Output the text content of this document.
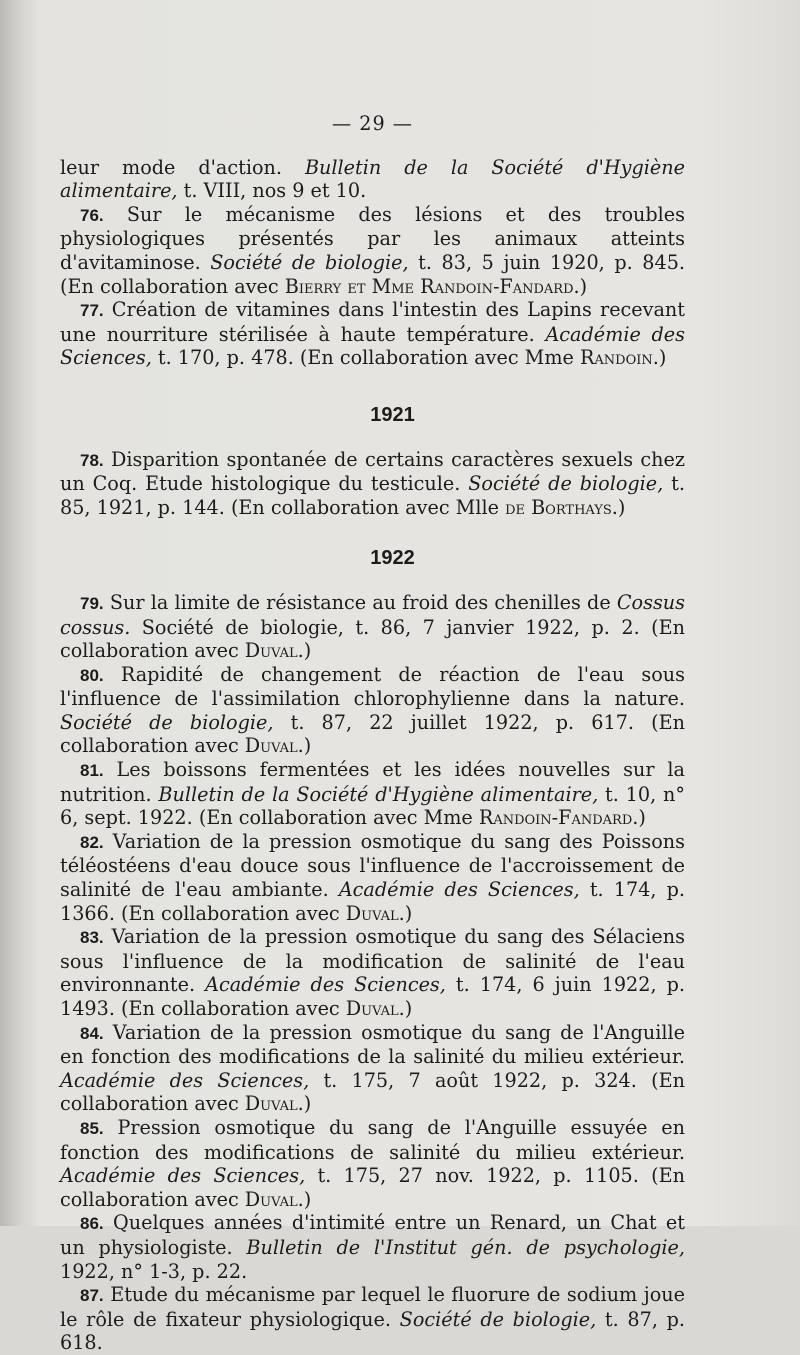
— 29 —

leur mode d'action. Bulletin de la Société d'Hygiène alimentaire, t. VIII, nos 9 et 10.

76. Sur le mécanisme des lésions et des troubles physiologiques présentés par les animaux atteints d'avitaminose. Société de biologie, t. 83, 5 juin 1920, p. 845. (En collaboration avec Bierry et Mme Randoin-Fandard.)

77. Création de vitamines dans l'intestin des Lapins recevant une nourriture stérilisée à haute température. Académie des Sciences, t. 170, p. 478. (En collaboration avec Mme Randoin.)

1921

78. Disparition spontanée de certains caractères sexuels chez un Coq. Etude histologique du testicule. Société de biologie, t. 85, 1921, p. 144. (En collaboration avec Mlle de Borthays.)

1922

79. Sur la limite de résistance au froid des chenilles de Cossus cossus. Société de biologie, t. 86, 7 janvier 1922, p. 2. (En collaboration avec Duval.)

80. Rapidité de changement de réaction de l'eau sous l'influence de l'assimilation chlorophylienne dans la nature. Société de biologie, t. 87, 22 juillet 1922, p. 617. (En collaboration avec Duval.)

81. Les boissons fermentées et les idées nouvelles sur la nutrition. Bulletin de la Société d'Hygiène alimentaire, t. 10, n° 6, sept. 1922. (En collaboration avec Mme Randoin-Fandard.)

82. Variation de la pression osmotique du sang des Poissons téléostéens d'eau douce sous l'influence de l'accroissement de salinité de l'eau ambiante. Académie des Sciences, t. 174, p. 1366. (En collaboration avec Duval.)

83. Variation de la pression osmotique du sang des Sélaciens sous l'influence de la modification de salinité de l'eau environnante. Académie des Sciences, t. 174, 6 juin 1922, p. 1493. (En collaboration avec Duval.)

84. Variation de la pression osmotique du sang de l'Anguille en fonction des modifications de la salinité du milieu extérieur. Académie des Sciences, t. 175, 7 août 1922, p. 324. (En collaboration avec Duval.)

85. Pression osmotique du sang de l'Anguille essuyée en fonction des modifications de salinité du milieu extérieur. Académie des Sciences, t. 175, 27 nov. 1922, p. 1105. (En collaboration avec Duval.)

86. Quelques années d'intimité entre un Renard, un Chat et un physiologiste. Bulletin de l'Institut gén. de psychologie, 1922, n° 1-3, p. 22.

87. Etude du mécanisme par lequel le fluorure de sodium joue le rôle de fixateur physiologique. Société de biologie, t. 87, p. 618.
